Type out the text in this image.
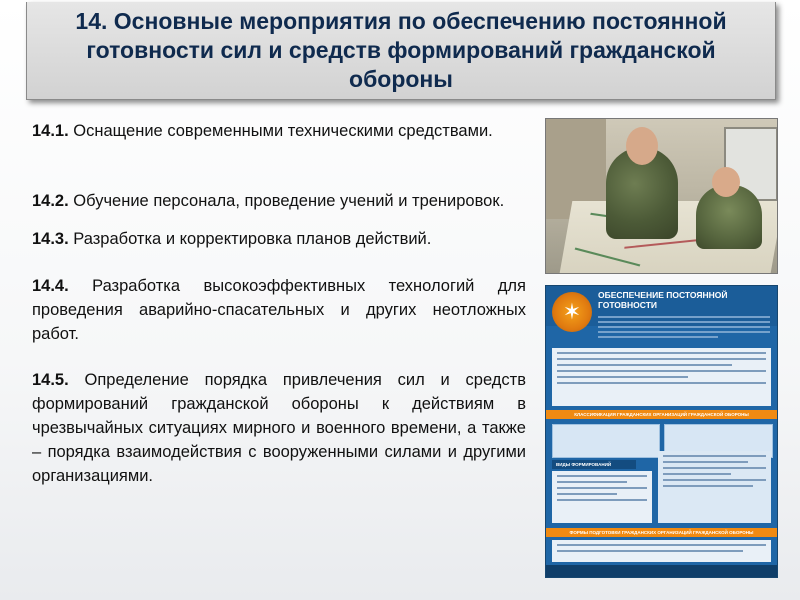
14. Основные мероприятия по обеспечению постоянной готовности сил и средств формирований гражданской обороны

14.1. Оснащение современными техническими средствами.

14.2. Обучение персонала, проведение учений и тренировок.

14.3. Разработка и корректировка планов действий.

14.4. Разработка высокоэффективных технологий для проведения аварийно-спасательных и других неотложных работ.

14.5. Определение порядка привлечения сил и средств формирований гражданской обороны к действиям в чрезвычайных ситуациях мирного и военного времени, а также – порядка взаимодействия с вооруженными силами и другими организациями.

✶
ОБЕСПЕЧЕНИЕ ПОСТОЯННОЙ
ГОТОВНОСТИ
КЛАССИФИКАЦИЯ ГРАЖДАНСКИХ ОРГАНИЗАЦИЙ ГРАЖДАНСКОЙ ОБОРОНЫ
ВИДЫ ФОРМИРОВАНИЙ
ФОРМЫ ПОДГОТОВКИ ГРАЖДАНСКИХ ОРГАНИЗАЦИЙ ГРАЖДАНСКОЙ ОБОРОНЫ
